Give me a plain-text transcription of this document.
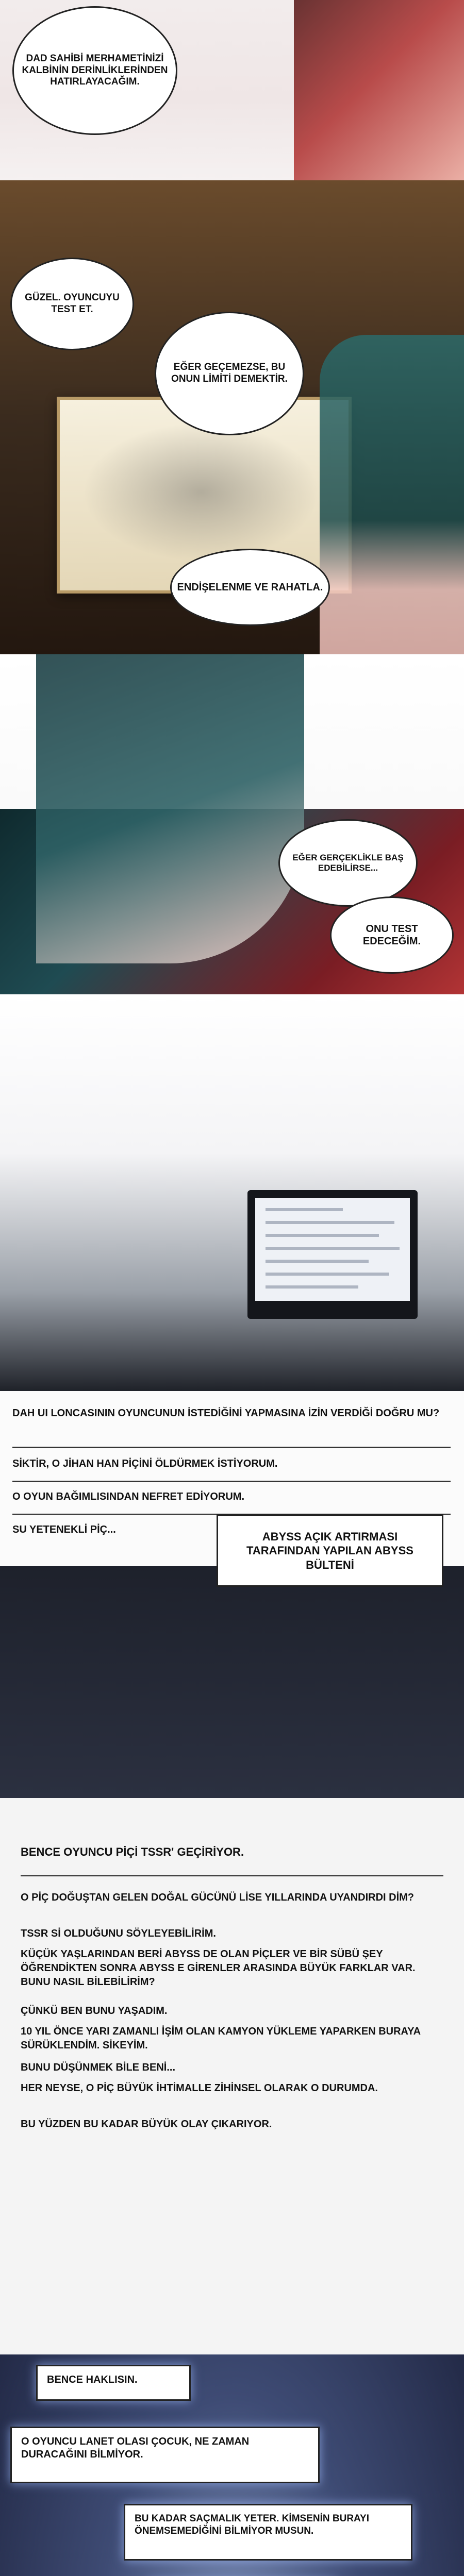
DAD SAHİBİ MERHAMETİNİZİ KALBİNİN DERİNLİKLERİNDEN HATIRLAYACAĞIM.
GÜZEL. OYUNCUYU TEST ET.
EĞER GEÇEMEZSE, BU ONUN LİMİTİ DEMEKTİR.
ENDİŞELENME VE RAHATLA.
EĞER GERÇEKLİKLE BAŞ EDEBİLİRSE...
ONU TEST EDECEĞİM.
DAH UI LONCASININ OYUNCUNUN İSTEDİĞİNİ YAPMASINA İZİN VERDİĞİ DOĞRU MU?
SİKTİR, O JİHAN HAN PİÇİNİ ÖLDÜRMEK İSTİYORUM.
O OYUN BAĞIMLISINDAN NEFRET EDİYORUM.
SU YETENEKLİ PİÇ...
ABYSS AÇIK ARTIRMASI TARAFINDAN YAPILAN ABYSS BÜLTENİ
BENCE OYUNCU PİÇİ TSSR' GEÇİRİYOR.
O PİÇ DOĞUŞTAN GELEN DOĞAL GÜCÜNÜ LİSE YILLARINDA UYANDIRDI DİM?
TSSR Sİ OLDUĞUNU SÖYLEYEBİLİRİM.
KÜÇÜK YAŞLARINDAN BERİ ABYSS DE OLAN PİÇLER VE BİR SÜBÜ ŞEY ÖĞRENDİKTEN SONRA ABYSS E GİRENLER ARASINDA BÜYÜK FARKLAR VAR. BUNU NASIL BİLEBİLİRİM?
ÇÜNKÜ BEN BUNU YAŞADIM.
10 YIL ÖNCE YARI ZAMANLI İŞİM OLAN KAMYON YÜKLEME YAPARKEN BURAYA SÜRÜKLENDİM. SİKEYİM.
BUNU DÜŞÜNMEK BİLE BENİ...
HER NEYSE, O PİÇ BÜYÜK İHTİMALLE ZİHİNSEL OLARAK O DURUMDA.
BU YÜZDEN BU KADAR BÜYÜK OLAY ÇIKARIYOR.
BENCE HAKLISIN.
O OYUNCU LANET OLASI ÇOCUK, NE ZAMAN DURACAĞINI BİLMİYOR.
BU KADAR SAÇMALIK YETER. KİMSENİN BURAYI ÖNEMSEMEDİĞİNİ BİLMİYOR MUSUN.
